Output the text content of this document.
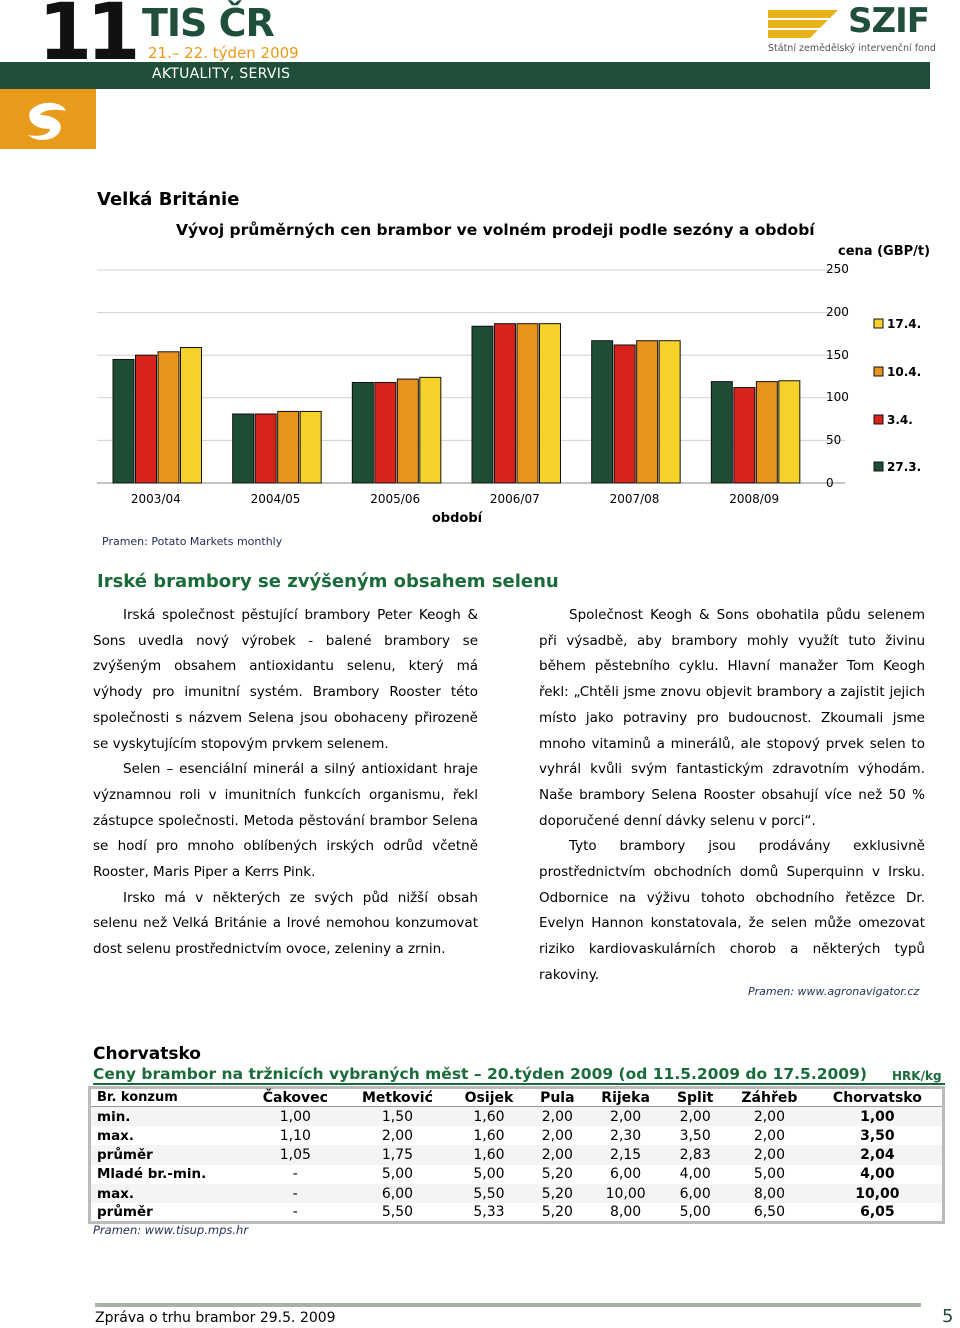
11 TIS ČR
21.– 22. týden 2009
AKTUALITY, SERVIS
SZIF
Státní zemědělský intervenční fond
Velká Británie
Vývoj průměrných cen brambor ve volném prodeji podle sezóny a období
0
50
100
150
200
250
2003/04	2004/05	2005/06	2006/07	2007/08	2008/09
17.4.
10.4.
3.4.
27.3.
cena (GBP/t)
období
Pramen: Potato Markets monthly
Irské brambory se zvýšeným obsahem selenu

Irská společnost pěstující brambory Peter Keogh & Sons uvedla nový výrobek - balené brambory se zvýšeným obsahem antioxidantu selenu, který má výhody pro imunitní systém. Brambory Rooster této společnosti s názvem Selena jsou obohaceny přirozeně se vyskytujícím stopovým prvkem selenem.

Selen – esenciální minerál a silný antioxidant hraje významnou roli v imunitních funkcích organismu, řekl zástupce společnosti. Metoda pěstování brambor Selena se hodí pro mnoho oblíbených irských odrůd včetně Rooster, Maris Piper a Kerrs Pink.

Irsko má v některých ze svých půd nižší obsah selenu než Velká Británie a Irové nemohou konzumovat dost selenu prostřednictvím ovoce, zeleniny a zrnin.

Společnost Keogh & Sons obohatila půdu selenem při výsadbě, aby brambory mohly využít tuto živinu během pěstebního cyklu. Hlavní manažer Tom Keogh řekl: „Chtěli jsme znovu objevit brambory a zajistit jejich místo jako potraviny pro budoucnost. Zkoumali jsme mnoho vitaminů a minerálů, ale stopový prvek selen to vyhrál kvůli svým fantastickým zdravotním výhodám. Naše brambory Selena Rooster obsahují více než 50 % doporučené denní dávky selenu v porci“.

Tyto brambory jsou prodávány exklusivně prostřednictvím obchodních domů Superquinn v Irsku. Odbornice na výživu tohoto obchodního řetězce Dr. Evelyn Hannon konstatovala, že selen může omezovat riziko kardiovaskulárních chorob a některých typů rakoviny.

Pramen: www.agronavigator.cz
Chorvatsko
Ceny brambor na tržnicích vybraných měst – 20.týden 2009 (od 11.5.2009 do 17.5.2009) HRK/kg
Br. konzum	Čakovec	Metković	Osijek	Pula	Rijeka	Split	Záhřeb	Chorvatsko
min.	1,00	1,50	1,60	2,00	2,00	2,00	2,00	1,00
max.	1,10	2,00	1,60	2,00	2,30	3,50	2,00	3,50
průměr	1,05	1,75	1,60	2,00	2,15	2,83	2,00	2,04
Mladé br.-min.	-	5,00	5,00	5,20	6,00	4,00	5,00	4,00
max.	-	6,00	5,50	5,20	10,00	6,00	8,00	10,00
průměr	-	5,50	5,33	5,20	8,00	5,00	6,50	6,05
Pramen: www.tisup.mps.hr
Zpráva o trhu brambor 29.5. 2009	5
